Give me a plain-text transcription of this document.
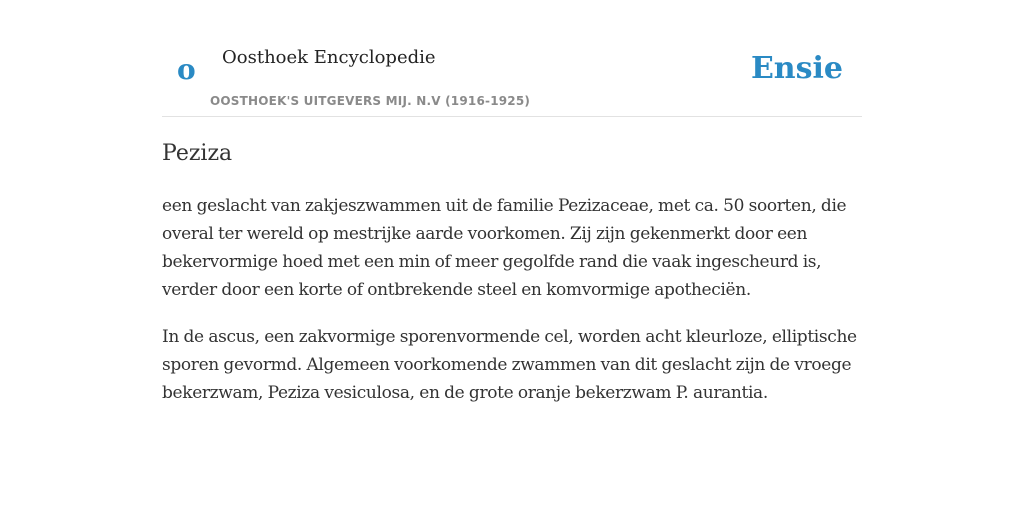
o Oosthoek Encyclopedie
OOSTHOEK'S UITGEVERS MIJ. N.V (1916-1925)
Ensie
Peziza

een geslacht van zakjeszwammen uit de familie Pezizaceae, met ca. 50 soorten, die overal ter wereld op mestrijke aarde voorkomen. Zij zijn gekenmerkt door een bekervormige hoed met een min of meer gegolfde rand die vaak ingescheurd is, verder door een korte of ontbrekende steel en komvormige apotheciën.

In de ascus, een zakvormige sporenvormende cel, worden acht kleurloze, elliptische sporen gevormd. Algemeen voorkomende zwammen van dit geslacht zijn de vroege bekerzwam, Peziza vesiculosa, en de grote oranje bekerzwam P. aurantia.
